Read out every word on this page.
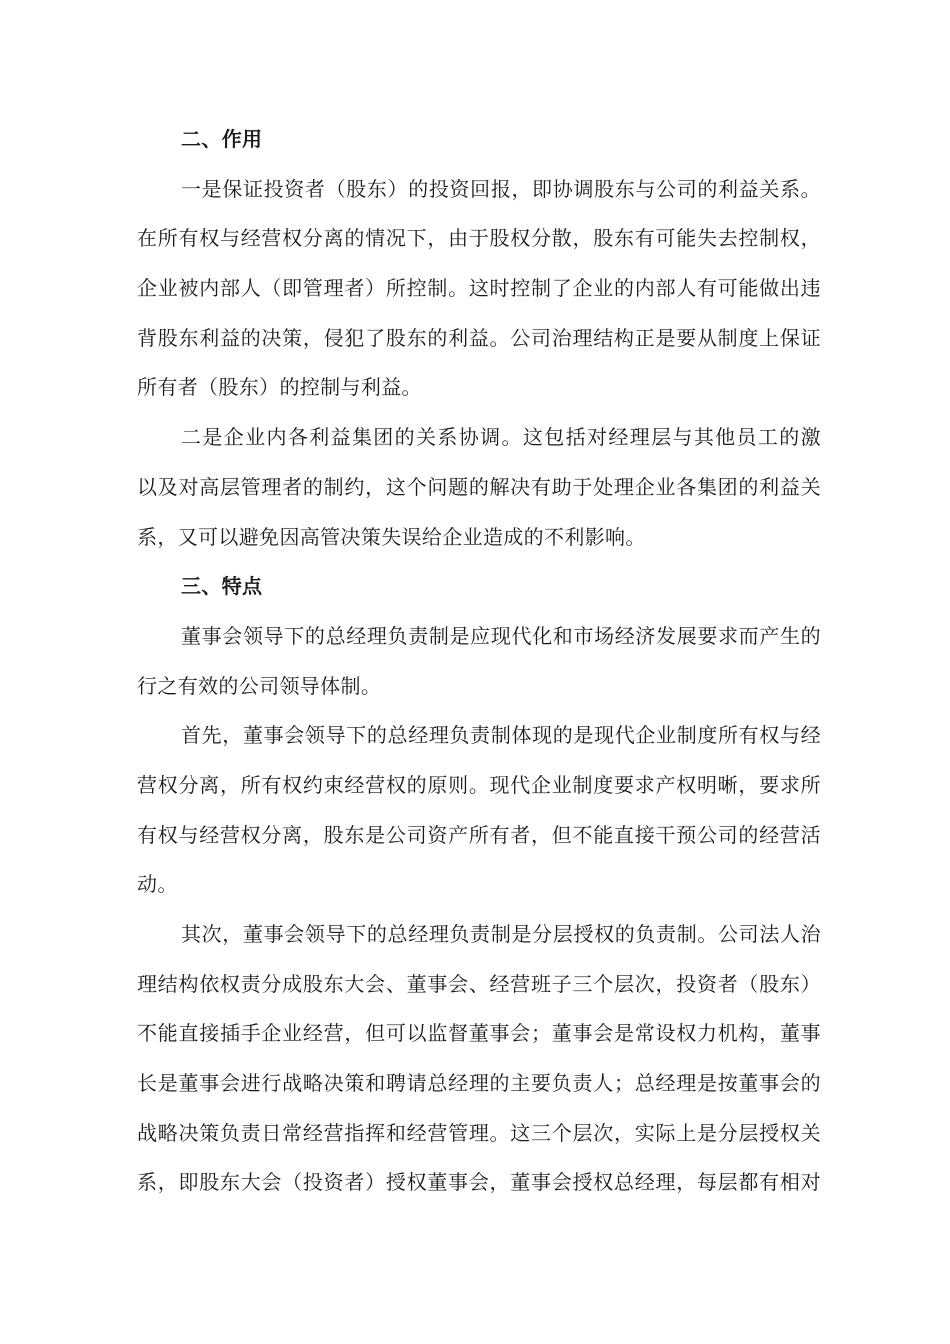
二、作用
一是保证投资者（股东）的投资回报，即协调股东与公司的利益关系。
在所有权与经营权分离的情况下，由于股权分散，股东有可能失去控制权，
企业被内部人（即管理者）所控制。这时控制了企业的内部人有可能做出违
背股东利益的决策，侵犯了股东的利益。公司治理结构正是要从制度上保证
所有者（股东）的控制与利益。
二是企业内各利益集团的关系协调。这包括对经理层与其他员工的激
以及对高层管理者的制约，这个问题的解决有助于处理企业各集团的利益关
系，又可以避免因高管决策失误给企业造成的不利影响。
三、特点
董事会领导下的总经理负责制是应现代化和市场经济发展要求而产生的
行之有效的公司领导体制。
首先，董事会领导下的总经理负责制体现的是现代企业制度所有权与经
营权分离，所有权约束经营权的原则。现代企业制度要求产权明晰，要求所
有权与经营权分离，股东是公司资产所有者，但不能直接干预公司的经营活
动。
其次，董事会领导下的总经理负责制是分层授权的负责制。公司法人治
理结构依权责分成股东大会、董事会、经营班子三个层次，投资者（股东）
不能直接插手企业经营，但可以监督董事会；董事会是常设权力机构，董事
长是董事会进行战略决策和聘请总经理的主要负责人；总经理是按董事会的
战略决策负责日常经营指挥和经营管理。这三个层次，实际上是分层授权关
系，即股东大会（投资者）授权董事会，董事会授权总经理，每层都有相对
